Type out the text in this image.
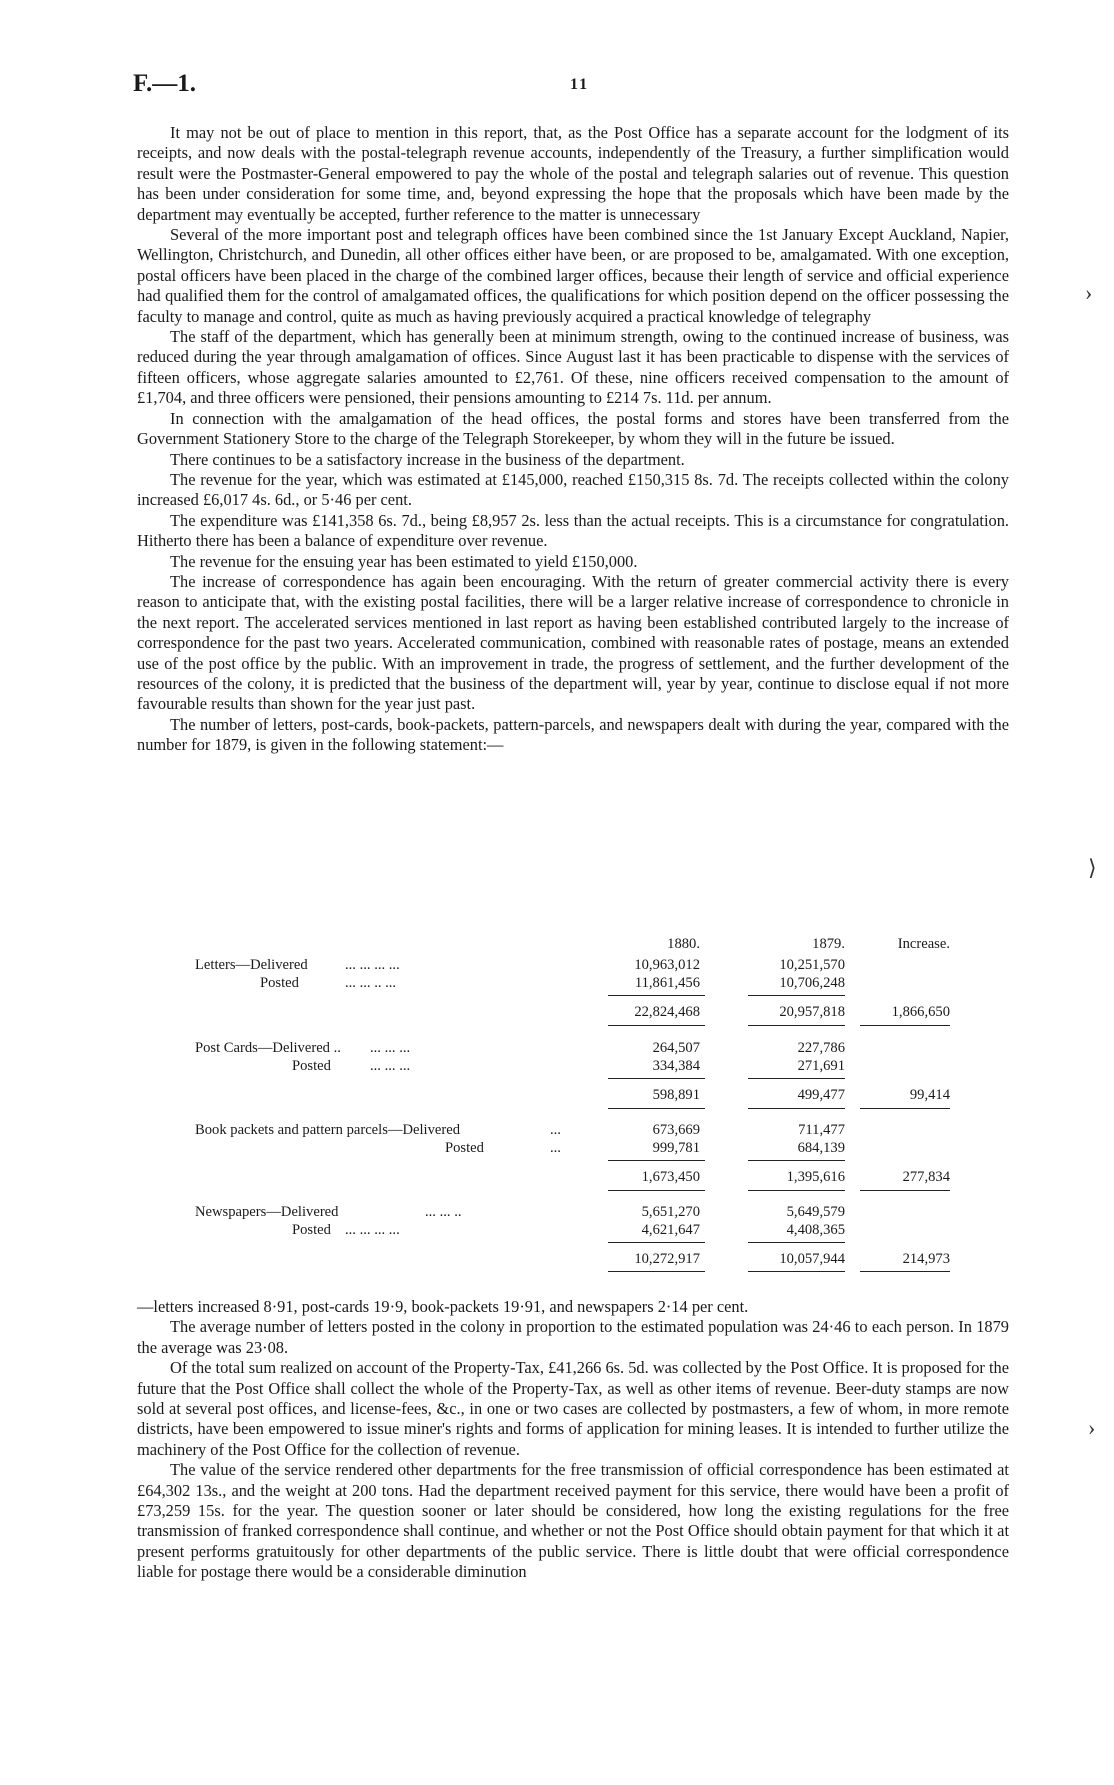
F.—1.	11

It may not be out of place to mention in this report, that, as the Post Office has a separate account for the lodgment of its receipts, and now deals with the postal-telegraph revenue accounts, independently of the Treasury, a further simplification would result were the Postmaster-General empowered to pay the whole of the postal and telegraph salaries out of revenue. This question has been under consideration for some time, and, beyond expressing the hope that the proposals which have been made by the department may eventually be accepted, further reference to the matter is unnecessary

Several of the more important post and telegraph offices have been combined since the 1st January Except Auckland, Napier, Wellington, Christchurch, and Dunedin, all other offices either have been, or are proposed to be, amalgamated. With one exception, postal officers have been placed in the charge of the combined larger offices, because their length of service and official experience had qualified them for the control of amalgamated offices, the qualifications for which position depend on the officer possessing the faculty to manage and control, quite as much as having previously acquired a practical knowledge of telegraphy

The staff of the department, which has generally been at minimum strength, owing to the continued increase of business, was reduced during the year through amalgamation of offices. Since August last it has been practicable to dispense with the services of fifteen officers, whose aggregate salaries amounted to £2,761. Of these, nine officers received compensation to the amount of £1,704, and three officers were pensioned, their pensions amounting to £214 7s. 11d. per annum.

In connection with the amalgamation of the head offices, the postal forms and stores have been transferred from the Government Stationery Store to the charge of the Telegraph Storekeeper, by whom they will in the future be issued.

There continues to be a satisfactory increase in the business of the department.

The revenue for the year, which was estimated at £145,000, reached £150,315 8s. 7d. The receipts collected within the colony increased £6,017 4s. 6d., or 5·46 per cent.

The expenditure was £141,358 6s. 7d., being £8,957 2s. less than the actual receipts. This is a circumstance for congratulation. Hitherto there has been a balance of expenditure over revenue.

The revenue for the ensuing year has been estimated to yield £150,000.

The increase of correspondence has again been encouraging. With the return of greater commercial activity there is every reason to anticipate that, with the existing postal facilities, there will be a larger relative increase of correspondence to chronicle in the next report. The accelerated services mentioned in last report as having been established contributed largely to the increase of correspondence for the past two years. Accelerated communication, combined with reasonable rates of postage, means an extended use of the post office by the public. With an improvement in trade, the progress of settlement, and the further development of the resources of the colony, it is predicted that the business of the department will, year by year, continue to disclose equal if not more favourable results than shown for the year just past.

The number of letters, post-cards, book-packets, pattern-parcels, and newspapers dealt with during the year, compared with the number for 1879, is given in the following statement:—

1880.	1879.	Increase.
Letters—Delivered	... ... ... ...	10,963,012	10,251,570
Posted	... ... .. ...	11,861,456	10,706,248
22,824,468	20,957,818	1,866,650
Post Cards—Delivered .. ... ... ...	264,507	227,786
Posted	... ... ...	334,384	271,691
598,891	499,477	99,414
Book packets and pattern parcels—Delivered	...	673,669	711,477
Posted	...	999,781	684,139
1,673,450	1,395,616	277,834
Newspapers—Delivered	... ... ..	5,651,270	5,649,579
Posted ... ... ... ...	4,621,647	4,408,365
10,272,917	10,057,944	214,973

—letters increased 8·91, post-cards 19·9, book-packets 19·91, and newspapers 2·14 per cent.

The average number of letters posted in the colony in proportion to the estimated population was 24·46 to each person. In 1879 the average was 23·08.

Of the total sum realized on account of the Property-Tax, £41,266 6s. 5d. was collected by the Post Office. It is proposed for the future that the Post Office shall collect the whole of the Property-Tax, as well as other items of revenue. Beer-duty stamps are now sold at several post offices, and license-fees, &c., in one or two cases are collected by postmasters, a few of whom, in more remote districts, have been empowered to issue miner's rights and forms of application for mining leases. It is intended to further utilize the machinery of the Post Office for the collection of revenue.

The value of the service rendered other departments for the free transmission of official correspondence has been estimated at £64,302 13s., and the weight at 200 tons. Had the department received payment for this service, there would have been a profit of £73,259 15s. for the year. The question sooner or later should be considered, how long the existing regulations for the free transmission of franked correspondence shall continue, and whether or not the Post Office should obtain payment for that which it at present performs gratuitously for other departments of the public service. There is little doubt that were official correspondence liable for postage there would be a considerable diminution

›
⟩
›
